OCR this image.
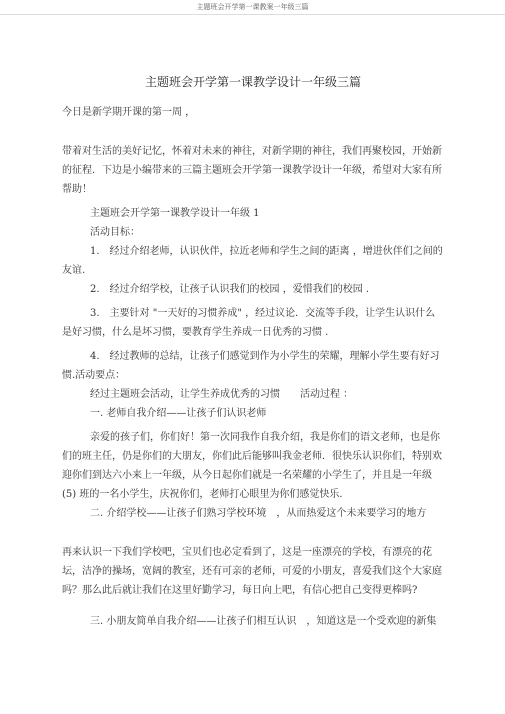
主题班会开学第一课教案一年级三篇
主题班会开学第一课教学设计一年级三篇

今日是新学期开课的第一周 ，

带着对生活的美好记忆，怀着对未来的神往，对新学期的神往，我们再聚校园，开始新的征程．下边是小编带来的三篇主题班会开学第一课教学设计一年级，希望对大家有所帮助！

主题班会开学第一课教学设计一年级 1

活动目标：

1.　经过介绍老师，认识伙伴，拉近老师和学生之间的距离 ，增进伙伴们之间的友谊.

2.　经过介绍学校，让孩子认识我们的校园 ，爱惜我们的校园 .

3.　主要针对 "一天好的习惯养成" ，经过议论．交流等手段，让学生认识什么是好习惯，什么是坏习惯，要教育学生养成一日优秀的习惯 .

4.　经过教师的总结，让孩子们感觉到作为小学生的荣耀，理解小学生要有好习惯.活动要点：

经过主题班会活动，让学生养成优秀的习惯　　活动过程 ：

一. 老师自我介绍——让孩子们认识老师

亲爱的孩子们，你们好！第一次同我作自我介绍，我是你们的语文老师，也是你们的班主任，仍是你们的大朋友，你们此后能够叫我金老师．很快乐认识你们，特别欢迎你们到达六小来上一年级，从今日起你们就是一名荣耀的小学生了，并且是一年级 (5) 班的一名小学生，庆祝你们，老师打心眼里为你们感觉快乐．

二. 介绍学校——让孩子们熟习学校环境　，从而热爱这个未来要学习的地方

再来认识一下我们学校吧，宝贝们也必定看到了，这是一座漂亮的学校，有漂亮的花坛，洁净的操场，宽阔的教室，还有可亲的老师，可爱的小朋友，喜爱我们这个大家庭吗？那么此后就让我们在这里好勤学习，每日向上吧，有信心把自己变得更棒吗?

三. 小朋友简单自我介绍——让孩子们相互认识　，知道这是一个受欢迎的新集
